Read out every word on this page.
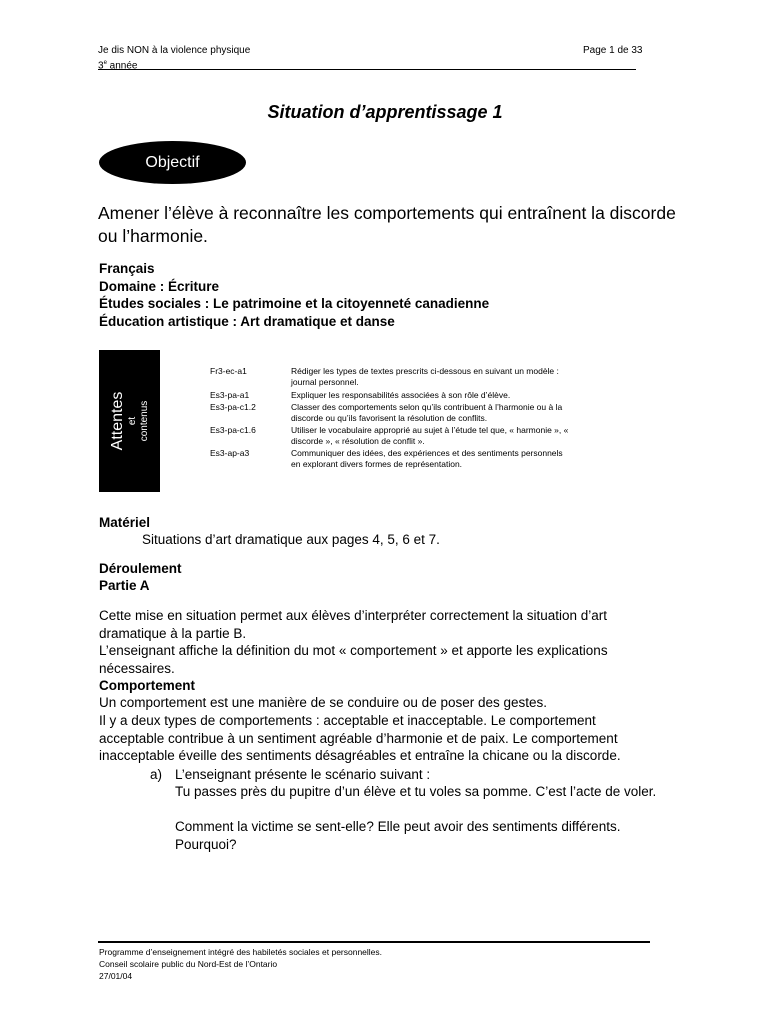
Je dis NON à la violence physique
3e année
Page 1 de 33
Situation d’apprentissage 1
Objectif
Amener l’élève à reconnaître les comportements qui entraînent la discorde ou l’harmonie.
Français
Domaine : Écriture
Études sociales : Le patrimoine et la citoyenneté canadienne
Éducation artistique : Art dramatique et danse
Attentes et contenus
Fr3-ec-a1	Rédiger les types de textes prescrits ci-dessous en suivant un modèle : journal personnel.
Es3-pa-a1	Expliquer les responsabilités associées à son rôle d’élève.
Es3-pa-c1.2	Classer des comportements selon qu’ils contribuent à l’harmonie ou à la discorde ou qu’ils favorisent la résolution de conflits.
Es3-pa-c1.6	Utiliser le vocabulaire approprié au sujet à l’étude tel que, « harmonie », « discorde », « résolution de conflit ».
Es3-ap-a3	Communiquer des idées, des expériences et des sentiments personnels en explorant divers formes de représentation.
Matériel
Situations d’art dramatique aux pages 4, 5, 6 et 7.
Déroulement
Partie A
Cette mise en situation permet aux élèves d’interpréter correctement la situation d’art dramatique à la partie B.
L’enseignant affiche la définition du mot « comportement » et apporte les explications nécessaires.
Comportement
Un comportement est une manière de se conduire ou de poser des gestes.
Il y a deux types de comportements : acceptable et inacceptable. Le comportement acceptable contribue à un sentiment agréable d’harmonie et de paix. Le comportement inacceptable éveille des sentiments désagréables et entraîne la chicane ou la discorde.
a) L’enseignant présente le scénario suivant :
Tu passes près du pupitre d’un élève et tu voles sa pomme. C’est l’acte de voler.
Comment la victime se sent-elle? Elle peut avoir des sentiments différents. Pourquoi?
Programme d’enseignement intégré des habiletés sociales et personnelles.
Conseil scolaire public du Nord-Est de l’Ontario
27/01/04
